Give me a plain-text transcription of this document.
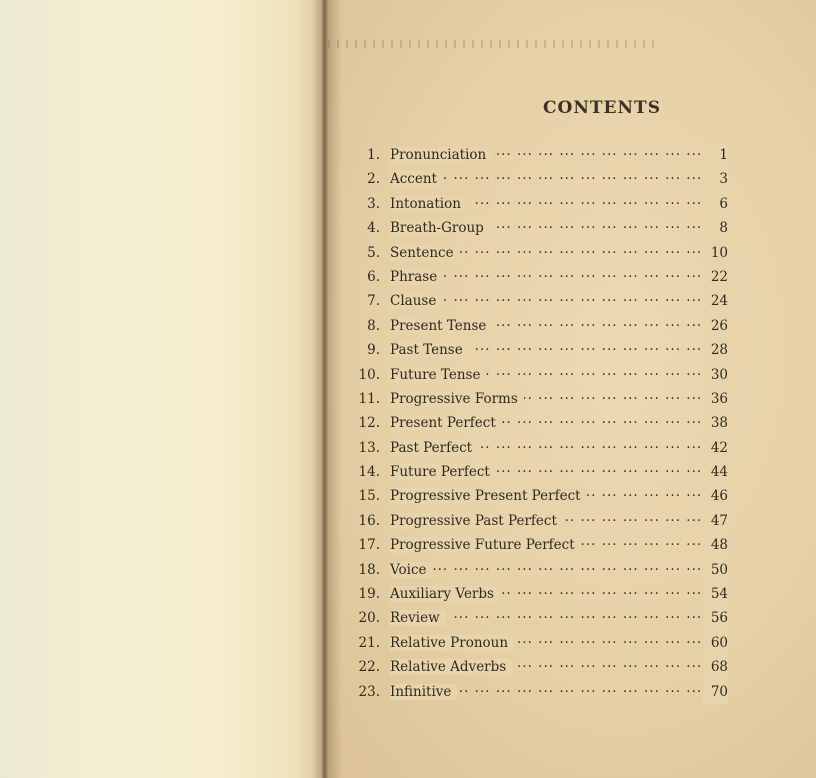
CONTENTS
1. ··· · Pronunciation	1
2. ··· · Accent	3
3. ··· · Intonation	6
4. ··· · Breath-Group	8
5. ··· · Sentence	10
6. ··· · Phrase	22
7. ··· · Clause	24
8. ··· · Present Tense	26
9. ··· · Past Tense	28
10. ··· · Future Tense	30
11. ··· · Progressive Forms	36
12. ··· · Present Perfect	38
13. ··· · Past Perfect	42
14. ··· · Future Perfect	44
15. ··· · Progressive Present Perfect	46
16. ··· · Progressive Past Perfect	47
17. ··· · Progressive Future Perfect	48
18. ··· · Voice	50
19. ··· · Auxiliary Verbs	54
20. ··· · Review	56
21. ··· · Relative Pronoun	60
22. ··· · Relative Adverbs	68
23. ··· · Infinitive	70
